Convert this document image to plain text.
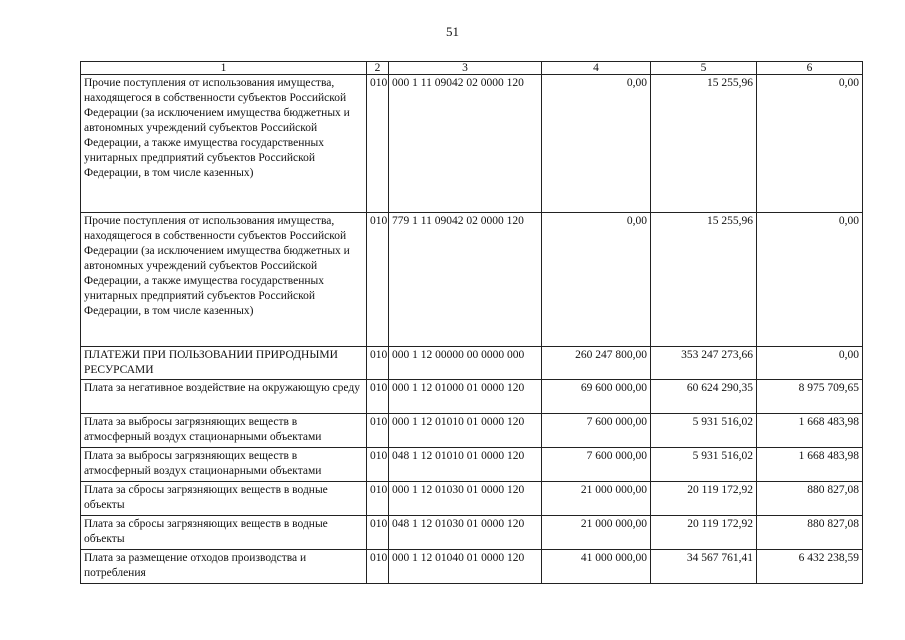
51
1	2	3	4	5	6
Прочие поступления от использования имущества, находящегося в собственности субъектов Российской Федерации (за исключением имущества бюджетных и автономных учреждений субъектов Российской Федерации, а также имущества государственных унитарных предприятий субъектов Российской Федерации, в том числе казенных)	010	000 1 11 09042 02 0000 120	0,00	15 255,96	0,00
Прочие поступления от использования имущества, находящегося в собственности субъектов Российской Федерации (за исключением имущества бюджетных и автономных учреждений субъектов Российской Федерации, а также имущества государственных унитарных предприятий субъектов Российской Федерации, в том числе казенных)	010	779 1 11 09042 02 0000 120	0,00	15 255,96	0,00
ПЛАТЕЖИ ПРИ ПОЛЬЗОВАНИИ ПРИРОДНЫМИ РЕСУРСАМИ	010	000 1 12 00000 00 0000 000	260 247 800,00	353 247 273,66	0,00
Плата за негативное воздействие на окружающую среду	010	000 1 12 01000 01 0000 120	69 600 000,00	60 624 290,35	8 975 709,65
Плата за выбросы загрязняющих веществ в атмосферный воздух стационарными объектами	010	000 1 12 01010 01 0000 120	7 600 000,00	5 931 516,02	1 668 483,98
Плата за выбросы загрязняющих веществ в атмосферный воздух стационарными объектами	010	048 1 12 01010 01 0000 120	7 600 000,00	5 931 516,02	1 668 483,98
Плата за сбросы загрязняющих веществ в водные объекты	010	000 1 12 01030 01 0000 120	21 000 000,00	20 119 172,92	880 827,08
Плата за сбросы загрязняющих веществ в водные объекты	010	048 1 12 01030 01 0000 120	21 000 000,00	20 119 172,92	880 827,08
Плата за размещение отходов производства и потребления	010	000 1 12 01040 01 0000 120	41 000 000,00	34 567 761,41	6 432 238,59
